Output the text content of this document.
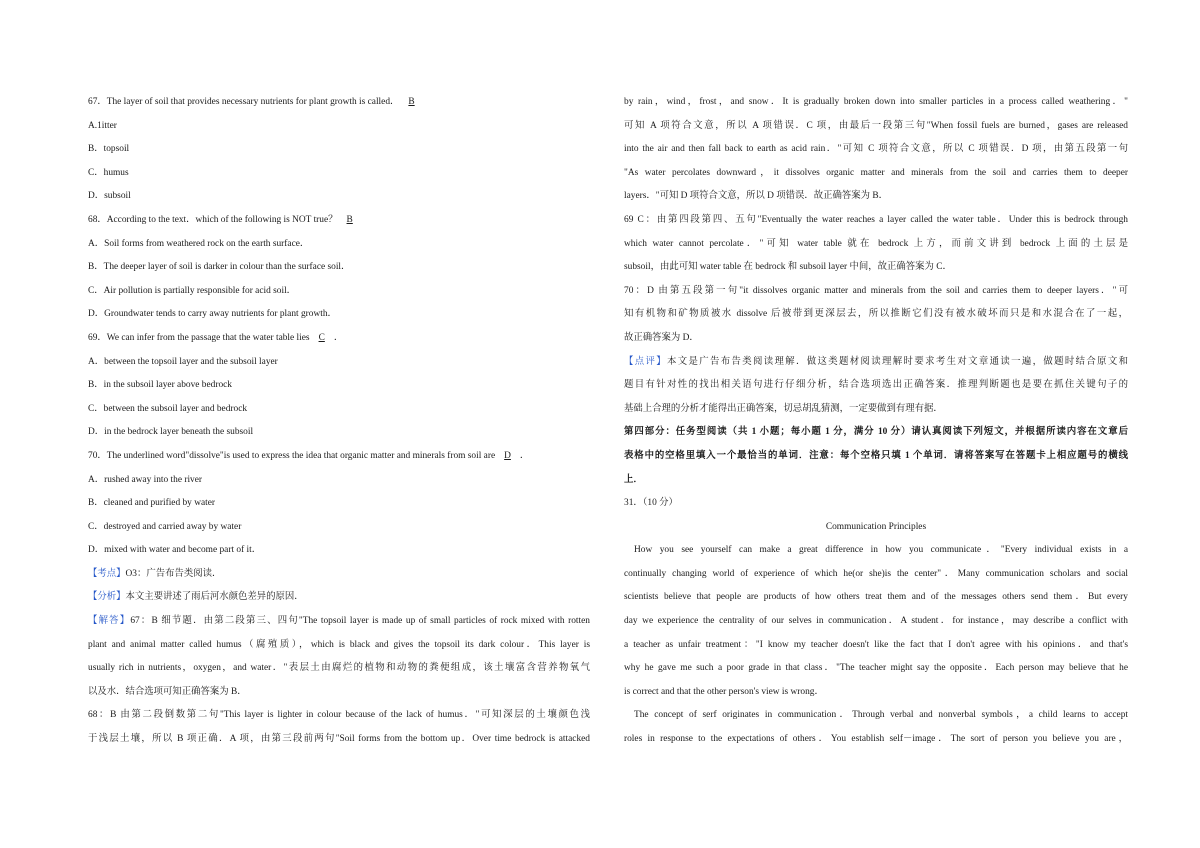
67．The layer of soil that provides necessary nutrients for plant growth is called． B
A.1itter
B．topsoil
C．humus
D．subsoil
68．According to the text．which of the following is NOT true？ B
A．Soil forms from weathered rock on the earth surface．
B．The deeper layer of soil is darker in colour than the surface soil．
C．Air pollution is partially responsible for acid soil．
D．Groundwater tends to carry away nutrients for plant growth．
69．We can infer from the passage that the water table lies C ．
A．between the topsoil layer and the subsoil layer
B．in the subsoil layer above bedrock
C．between the subsoil layer and bedrock
D．in the bedrock layer beneath the subsoil
70．The underlined word"dissolve"is used to express the idea that organic matter and minerals from soil are D ．
A．rushed away into the river
B．cleaned and purified by water
C．destroyed and carried away by water
D．mixed with water and become part of it．
【考点】O3：广告布告类阅读．
【分析】本文主要讲述了雨后河水颜色差异的原因．
【解答】67：B 细节题．由第二段第三、四句"The topsoil layer is made up of small particles of rock mixed with rotten
plant and animal matter called humus（腐殖质），which is black and gives the topsoil its dark colour．This layer is
usually rich in nutrients，oxygen，and water．"表层土由腐烂的植物和动物的粪便组成，该土壤富含营养物氧气
以及水．结合选项可知正确答案为 B．
68：B 由第二段倒数第二句"This layer is lighter in colour because of the lack of humus．"可知深层的土壤颜色浅
于浅层土壤，所以 B 项正确．A 项，由第三段前两句"Soil forms from the bottom up．Over time bedrock is attacked
by rain，wind，frost，and snow．It is gradually broken down into smaller particles in a process called weathering．"
可知 A 项符合文意，所以 A 项错误．C 项，由最后一段第三句"When fossil fuels are burned，gases are released
into the air and then fall back to earth as acid rain．"可知 C 项符合文意，所以 C 项错误．D 项，由第五段第一句
"As water percolates downward，it dissolves organic matter and minerals from the soil and carries them to deeper
layers．"可知 D 项符合文意，所以 D 项错误．故正确答案为 B．
69 C：由第四段第四、五句"Eventually the water reaches a layer called the water table．Under this is bedrock through
which water cannot percolate．"可知 water table 就在 bedrock 上方，而前文讲到 bedrock 上面的土层是
subsoil，由此可知 water table 在 bedrock 和 subsoil layer 中间，故正确答案为 C．
70：D 由第五段第一句"it dissolves organic matter and minerals from the soil and carries them to deeper layers．"可
知有机物和矿物质被水 dissolve 后被带到更深层去，所以推断它们没有被水破坏而只是和水混合在了一起，
故正确答案为 D．
【点评】本文是广告布告类阅读理解．做这类题材阅读理解时要求考生对文章通读一遍，做题时结合原文和
题目有针对性的找出相关语句进行仔细分析，结合选项选出正确答案．推理判断题也是要在抓住关键句子的
基础上合理的分析才能得出正确答案，切忌胡乱猜测，一定要做到有理有据．
第四部分：任务型阅读（共 1 小题；每小题 1 分，满分 10 分）请认真阅读下列短文，并根据所读内容在文章后
表格中的空格里填入一个最恰当的单词．注意：每个空格只填 1 个单词．请将答案写在答题卡上相应题号的横线
上．
31．（10 分）
Communication Principles
How you see yourself can make a great difference in how you communicate．"Every individual exists in a
continually changing world of experience of which he(or she)is the center"．Many communication scholars and social
scientists believe that people are products of how others treat them and of the messages others send them．But every
day we experience the centrality of our selves in communication．A student．for instance，may describe a conflict with
a teacher as unfair treatment："I know my teacher doesn't like the fact that I don't agree with his opinions．and that's
why he gave me such a poor grade in that class．"The teacher might say the opposite．Each person may believe that he
is correct and that the other person's view is wrong．
The concept of serf originates in communication．Through verbal and nonverbal symbols，a child learns to accept
roles in response to the expectations of others．You establish self－image．The sort of person you believe you are，
